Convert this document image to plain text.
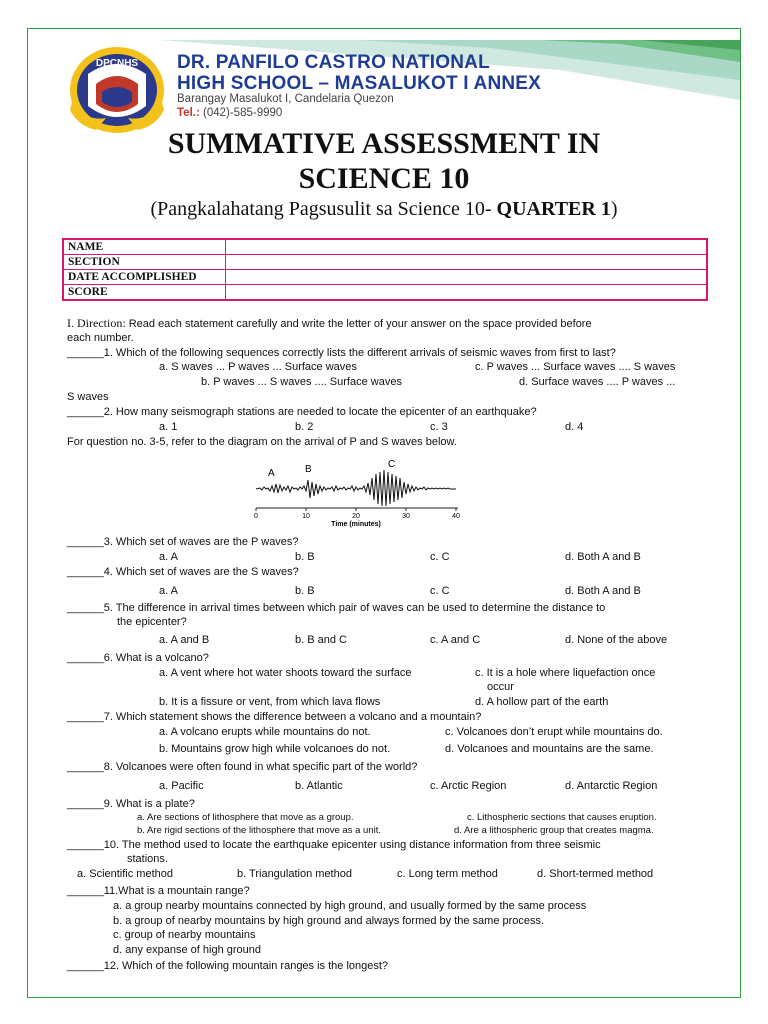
DPCNHS DR. PANFILO CASTRO NATIONAL
HIGH SCHOOL – MASALUKOT I ANNEX
Barangay Masalukot I, Candelaria Quezon
Tel.: (042)-585-9990
SUMMATIVE ASSESSMENT IN
SCIENCE 10
(Pangkalahatang Pagsusulit sa Science 10- QUARTER 1)
NAME	
SECTION	
DATE ACCOMPLISHED	
SCORE	
I. Direction: Read each statement carefully and write the letter of your answer on the space provided before
each number.
______1. Which of the following sequences correctly lists the different arrivals of seismic waves from first to last?
a. S waves ... P waves ... Surface waves	c. P waves ... Surface waves .... S waves
b. P waves ... S waves .... Surface waves	d. Surface waves .... P waves ...
S waves
______2. How many seismograph stations are needed to locate the epicenter of an earthquake?
a. 1	b. 2	c. 3	d. 4
For question no. 3-5, refer to the diagram on the arrival of P and S waves below.
______3. Which set of waves are the P waves?
a. A	b. B	c. C	d. Both A and B
______4. Which set of waves are the S waves?
a. A	b. B	c. C	d. Both A and B
______5. The difference in arrival times between which pair of waves can be used to determine the distance to
the epicenter?
a. A and B	b. B and C	c. A and C	d. None of the above
______6. What is a volcano?
a. A vent where hot water shoots toward the surface	c. It is a hole where liquefaction once
occur
b. It is a fissure or vent, from which lava flows	d. A hollow part of the earth
______7. Which statement shows the difference between a volcano and a mountain?
a. A volcano erupts while mountains do not.	c. Volcanoes don’t erupt while mountains do.
b. Mountains grow high while volcanoes do not.	d. Volcanoes and mountains are the same.
______8. Volcanoes were often found in what specific part of the world?
a. Pacific	b. Atlantic	c. Arctic Region	d. Antarctic Region
______9. What is a plate?
a. Are sections of lithosphere that move as a group.	c. Lithospheric sections that causes eruption.
b. Are rigid sections of the lithosphere that move as a unit.	d. Are a lithospheric group that creates magma.
______10. The method used to locate the earthquake epicenter using distance information from three seismic
stations.
a. Scientific method	b. Triangulation method	c. Long term method	d. Short-termed method
______11.What is a mountain range?
a. a group nearby mountains connected by high ground, and usually formed by the same process
b. a group of nearby mountains by high ground and always formed by the same process.
c. group of nearby mountains
d. any expanse of high ground
______12. Which of the following mountain ranges is the longest?
A	B	C
0	10	20	30	40
Time (minutes)
